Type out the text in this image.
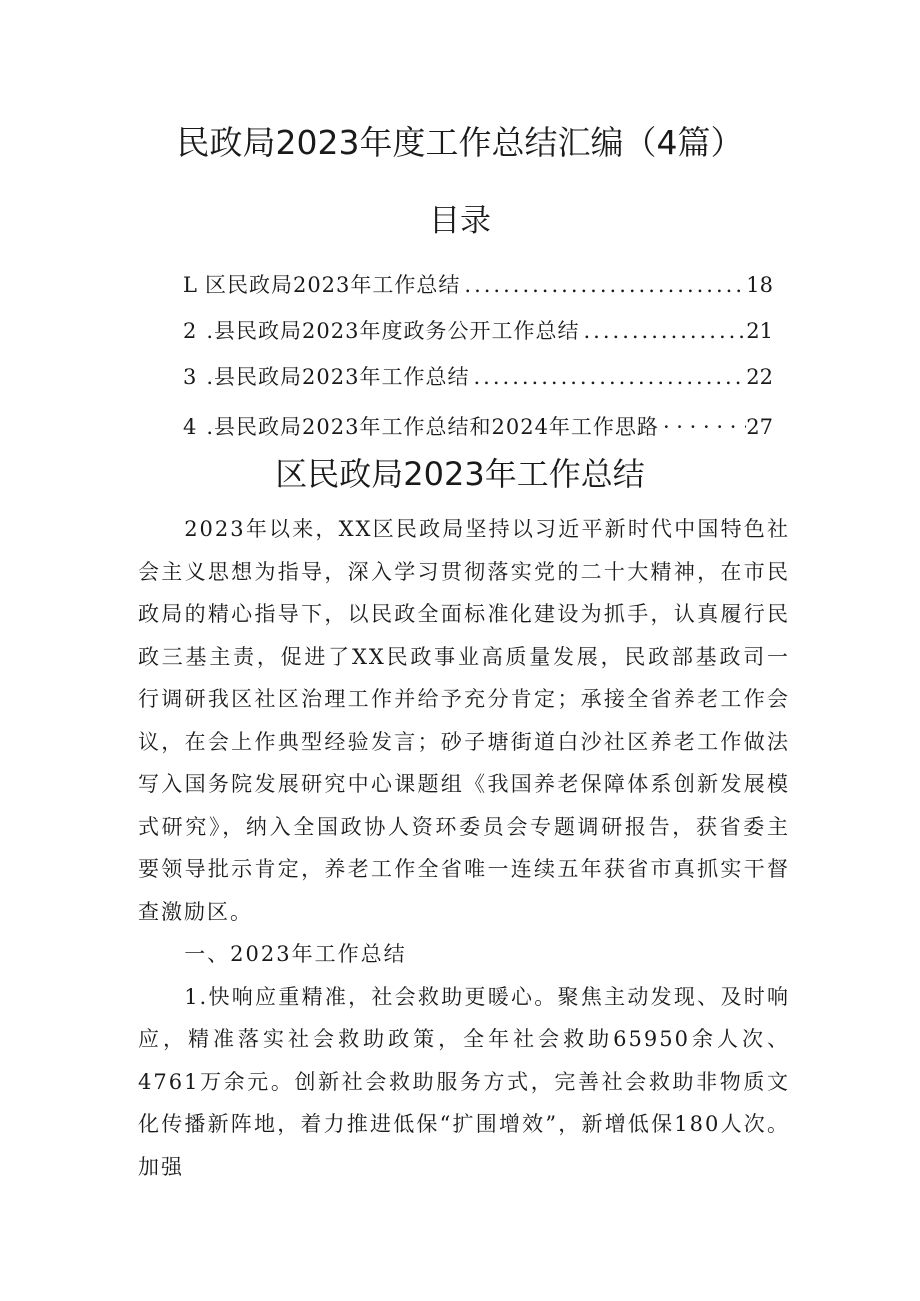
民政局2023年度工作总结汇编（4篇）
目录
L 区民政局2023年工作总结 .....	18
2 .县民政局2023年度政务公开工作总结 .....	21
3 .县民政局2023年工作总结 .....	22
4 .县民政局2023年工作总结和2024年工作思路 · ·	27
区民政局2023年工作总结

2023年以来，XX区民政局坚持以习近平新时代中国特色社会主义思想为指导，深入学习贯彻落实党的二十大精神，在市民政局的精心指导下，以民政全面标准化建设为抓手，认真履行民政三基主责，促进了XX民政事业高质量发展，民政部基政司一行调研我区社区治理工作并给予充分肯定；承接全省养老工作会议，在会上作典型经验发言；砂子塘街道白沙社区养老工作做法写入国务院发展研究中心课题组《我国养老保障体系创新发展模式研究》，纳入全国政协人资环委员会专题调研报告，获省委主要领导批示肯定，养老工作全省唯一连续五年获省市真抓实干督查激励区。

一、2023年工作总结

1.快响应重精准，社会救助更暖心。聚焦主动发现、及时响应，精准落实社会救助政策，全年社会救助65950余人次、4761万余元。创新社会救助服务方式，完善社会救助非物质文化传播新阵地，着力推进低保“扩围增效”，新增低保180人次。加强
